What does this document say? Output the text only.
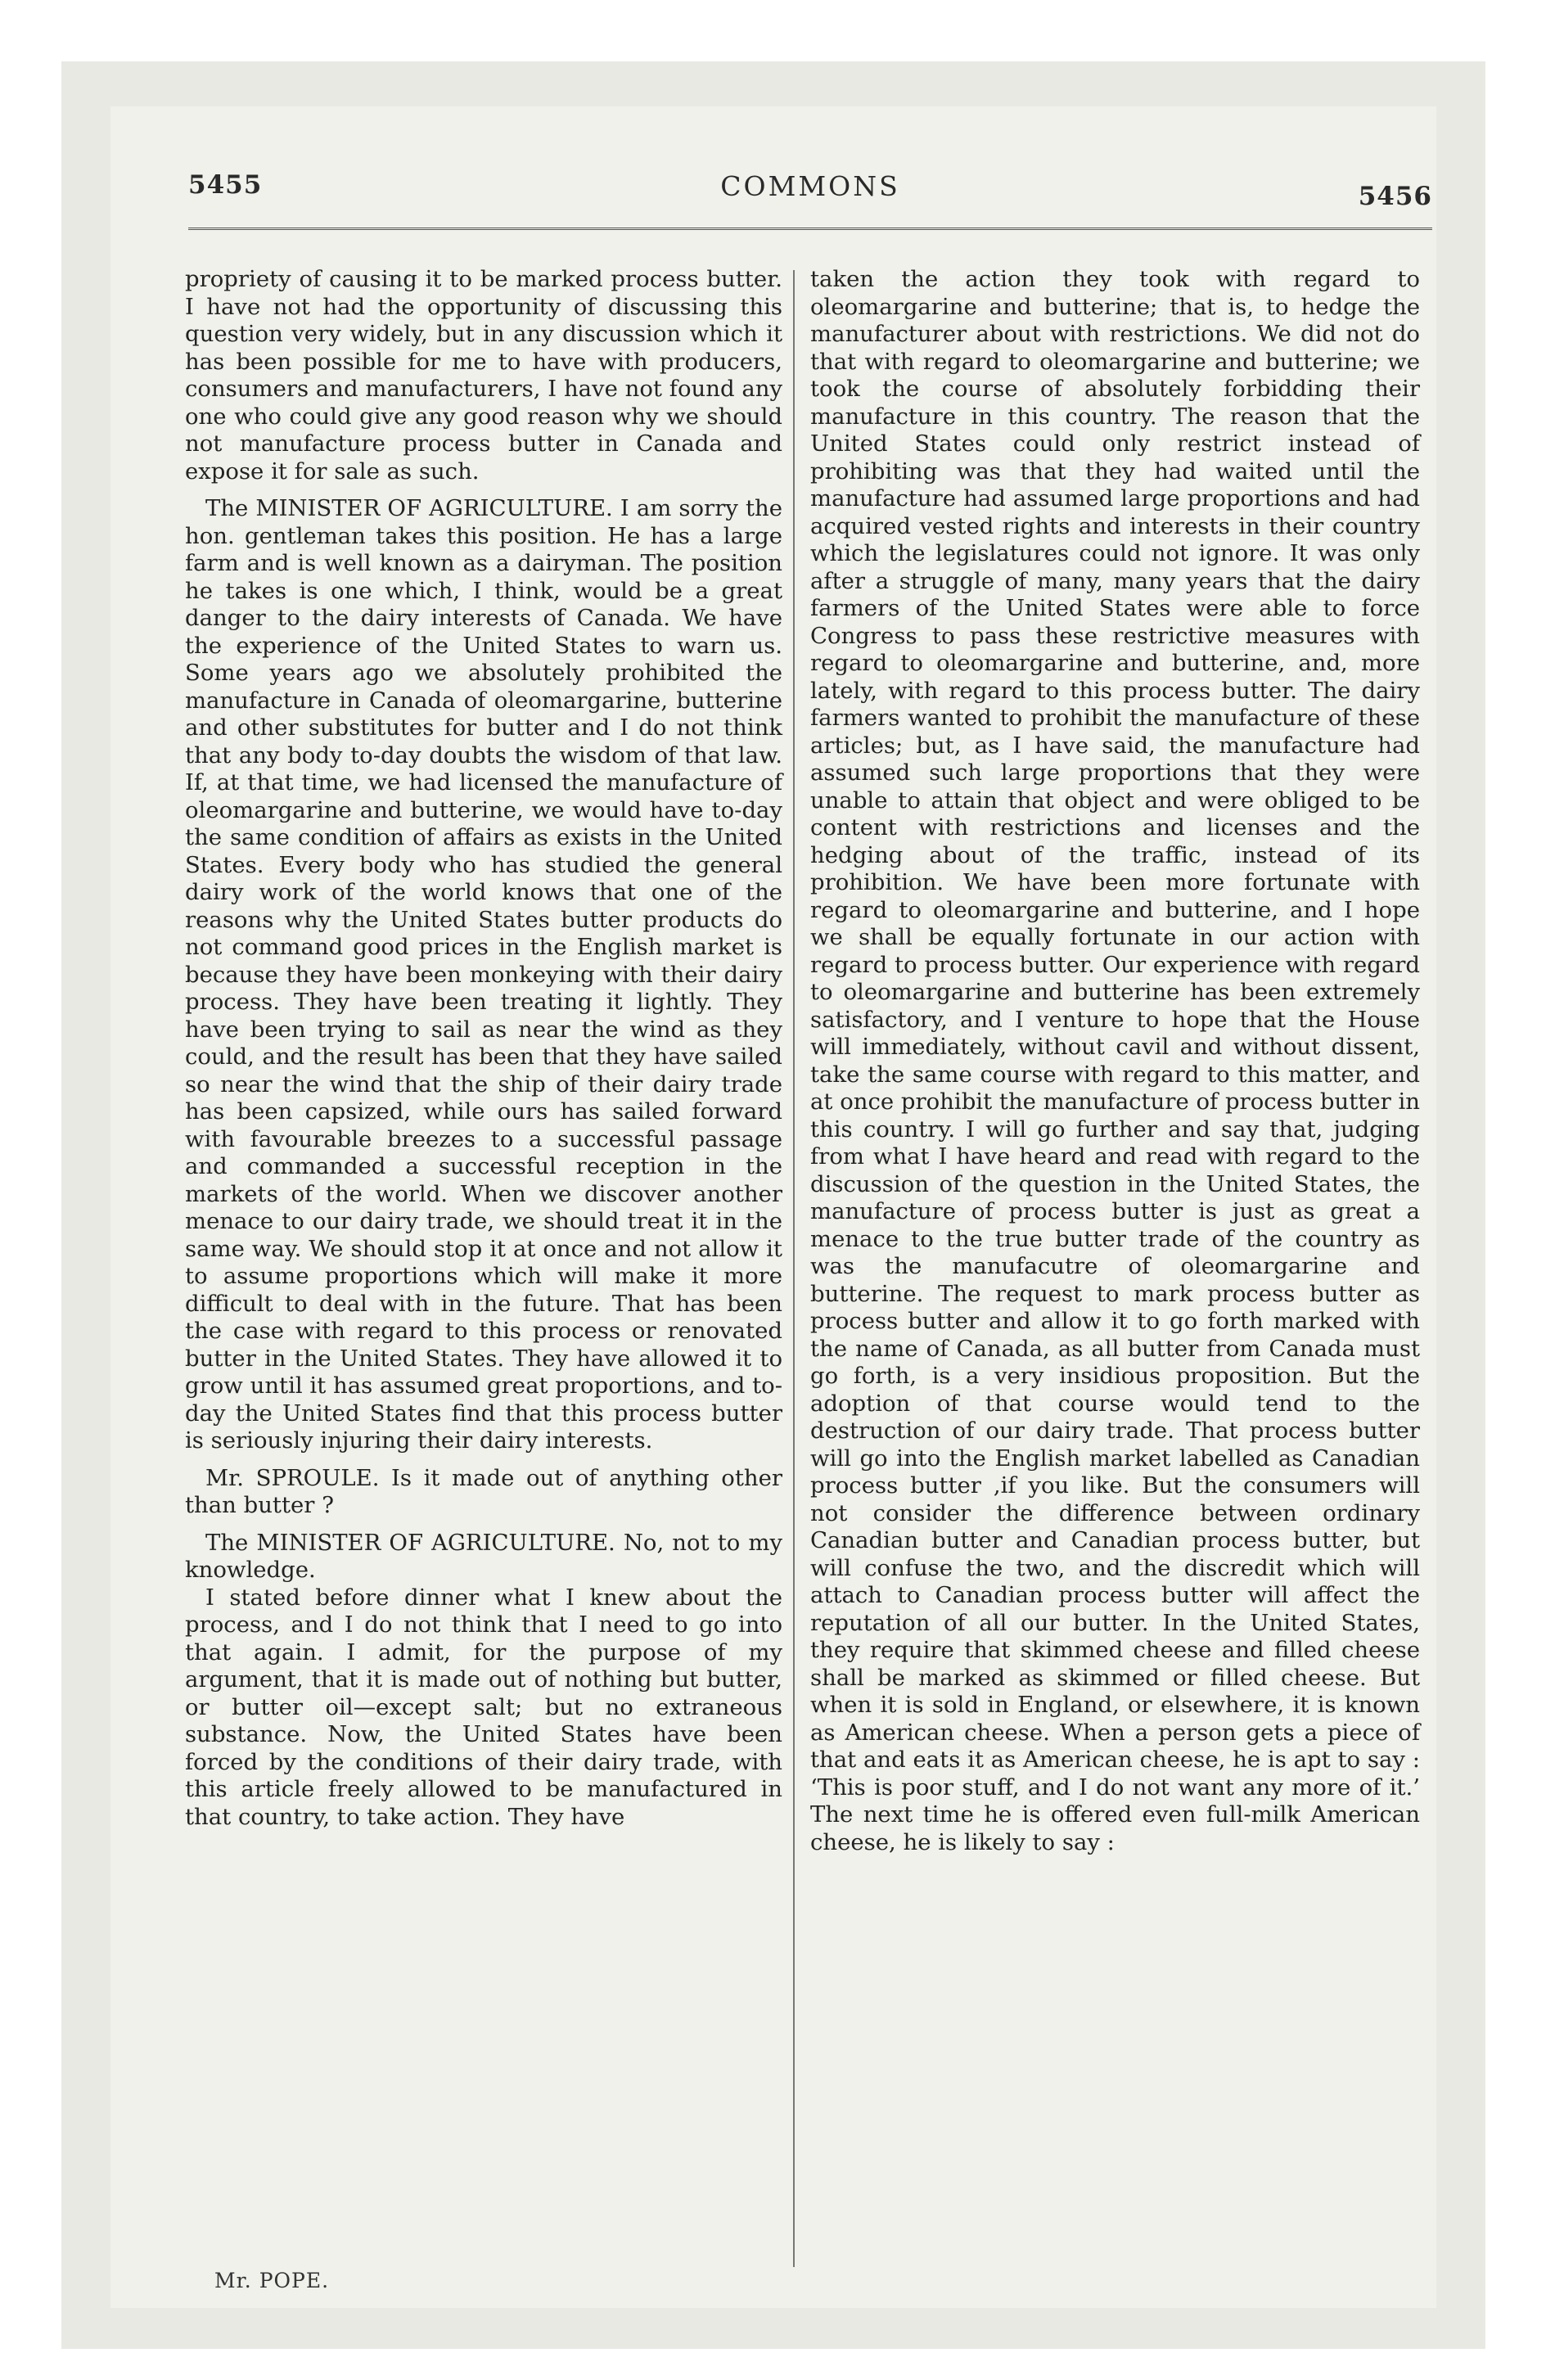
5455	COMMONS	5456

propriety of causing it to be marked process butter. I have not had the opportunity of discussing this question very widely, but in any discussion which it has been possible for me to have with producers, consumers and manufacturers, I have not found any one who could give any good reason why we should not manufacture process butter in Canada and expose it for sale as such.

The MINISTER OF AGRICULTURE. I am sorry the hon. gentleman takes this position. He has a large farm and is well known as a dairyman. The position he takes is one which, I think, would be a great danger to the dairy interests of Canada. We have the experience of the United States to warn us. Some years ago we absolutely prohibited the manufacture in Canada of oleomargarine, butterine and other substitutes for butter and I do not think that any body to-day doubts the wisdom of that law. If, at that time, we had licensed the manufacture of oleomargarine and butterine, we would have to-day the same condition of affairs as exists in the United States. Every body who has studied the general dairy work of the world knows that one of the reasons why the United States butter products do not command good prices in the English market is because they have been monkeying with their dairy process. They have been treating it lightly. They have been trying to sail as near the wind as they could, and the result has been that they have sailed so near the wind that the ship of their dairy trade has been capsized, while ours has sailed forward with favourable breezes to a successful passage and commanded a successful reception in the markets of the world. When we discover another menace to our dairy trade, we should treat it in the same way. We should stop it at once and not allow it to assume proportions which will make it more difficult to deal with in the future. That has been the case with regard to this process or renovated butter in the United States. They have allowed it to grow until it has assumed great proportions, and to-day the United States find that this process butter is seriously injuring their dairy interests.

Mr. SPROULE. Is it made out of anything other than butter ?

The MINISTER OF AGRICULTURE. No, not to my knowledge.

I stated before dinner what I knew about the process, and I do not think that I need to go into that again. I admit, for the purpose of my argument, that it is made out of nothing but butter, or butter oil—except salt; but no extraneous substance. Now, the United States have been forced by the conditions of their dairy trade, with this article freely allowed to be manufactured in that country, to take action. They have

taken the action they took with regard to oleomargarine and butterine; that is, to hedge the manufacturer about with restrictions. We did not do that with regard to oleomargarine and butterine; we took the course of absolutely forbidding their manufacture in this country. The reason that the United States could only restrict instead of prohibiting was that they had waited until the manufacture had assumed large proportions and had acquired vested rights and interests in their country which the legislatures could not ignore. It was only after a struggle of many, many years that the dairy farmers of the United States were able to force Congress to pass these restrictive measures with regard to oleomargarine and butterine, and, more lately, with regard to this process butter. The dairy farmers wanted to prohibit the manufacture of these articles; but, as I have said, the manufacture had assumed such large proportions that they were unable to attain that object and were obliged to be content with restrictions and licenses and the hedging about of the traffic, instead of its prohibition. We have been more fortunate with regard to oleomargarine and butterine, and I hope we shall be equally fortunate in our action with regard to process butter. Our experience with regard to oleomargarine and butterine has been extremely satisfactory, and I venture to hope that the House will immediately, without cavil and without dissent, take the same course with regard to this matter, and at once prohibit the manufacture of process butter in this country. I will go further and say that, judging from what I have heard and read with regard to the discussion of the question in the United States, the manufacture of process butter is just as great a menace to the true butter trade of the country as was the manufacutre of oleomargarine and butterine. The request to mark process butter as process butter and allow it to go forth marked with the name of Canada, as all butter from Canada must go forth, is a very insidious proposition. But the adoption of that course would tend to the destruction of our dairy trade. That process butter will go into the English market labelled as Canadian process butter ,if you like. But the consumers will not consider the difference between ordinary Canadian butter and Canadian process butter, but will confuse the two, and the discredit which will attach to Canadian process butter will affect the reputation of all our butter. In the United States, they require that skimmed cheese and filled cheese shall be marked as skimmed or filled cheese. But when it is sold in England, or elsewhere, it is known as American cheese. When a person gets a piece of that and eats it as American cheese, he is apt to say : ‘This is poor stuff, and I do not want any more of it.’ The next time he is offered even full-milk American cheese, he is likely to say :

Mr. POPE.
